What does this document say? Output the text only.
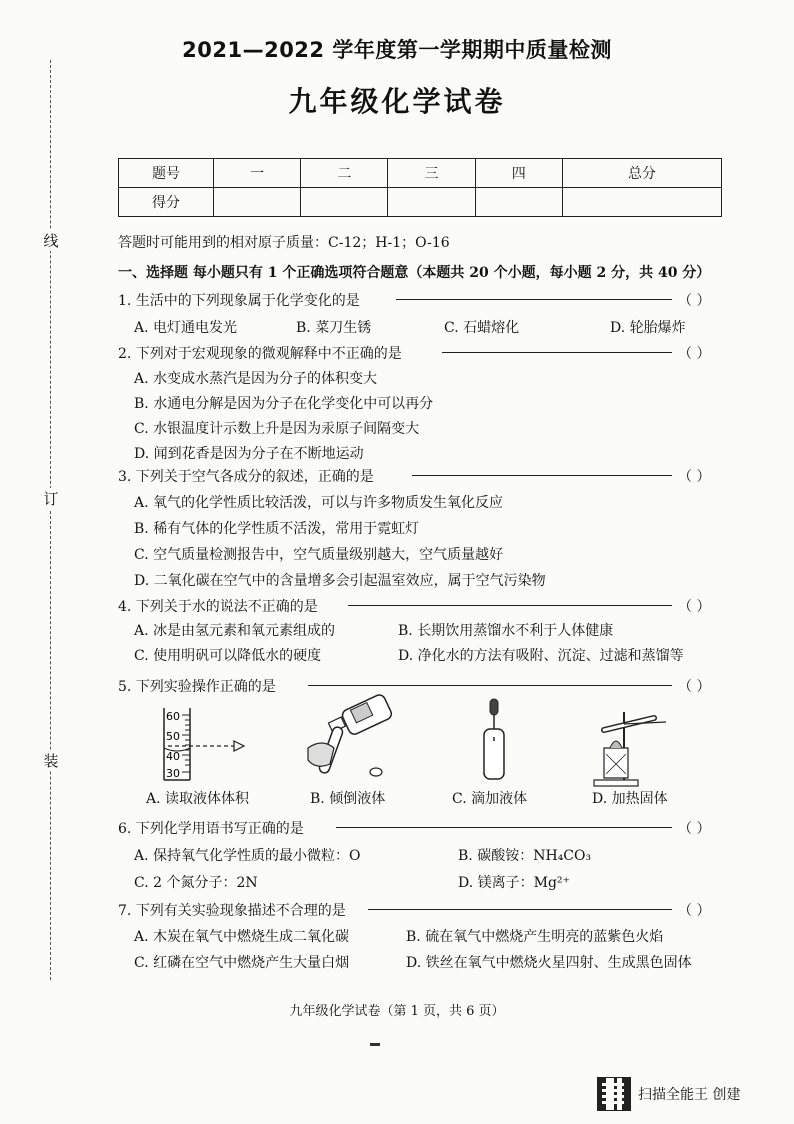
线
订
装
2021—2022 学年度第一学期期中质量检测
九年级化学试卷
题号	一	二	三	四	总分
得分					
答题时可能用到的相对原子质量：C-12；H-1；O-16
一、选择题 每小题只有 1 个正确选项符合题意（本题共 20 个小题，每小题 2 分，共 40 分）
1. 生活中的下列现象属于化学变化的是	（ ）
A. 电灯通电发光	B. 菜刀生锈	C. 石蜡熔化	D. 轮胎爆炸
2. 下列对于宏观现象的微观解释中不正确的是	（ ）
A. 水变成水蒸汽是因为分子的体积变大
B. 水通电分解是因为分子在化学变化中可以再分
C. 水银温度计示数上升是因为汞原子间隔变大
D. 闻到花香是因为分子在不断地运动
3. 下列关于空气各成分的叙述，正确的是	（ ）
A. 氧气的化学性质比较活泼，可以与许多物质发生氧化反应
B. 稀有气体的化学性质不活泼，常用于霓虹灯
C. 空气质量检测报告中，空气质量级别越大，空气质量越好
D. 二氧化碳在空气中的含量增多会引起温室效应，属于空气污染物
4. 下列关于水的说法不正确的是	（ ）
A. 冰是由氢元素和氧元素组成的	B. 长期饮用蒸馏水不利于人体健康
C. 使用明矾可以降低水的硬度	D. 净化水的方法有吸附、沉淀、过滤和蒸馏等
5. 下列实验操作正确的是	（ ）
60
50
40
30
A. 读取液体体积	B. 倾倒液体	C. 滴加液体	D. 加热固体
6. 下列化学用语书写正确的是	（ ）
A. 保持氧气化学性质的最小微粒：O	B. 碳酸铵：NH₄CO₃
C. 2 个氮分子：2N	D. 镁离子：Mg²⁺
7. 下列有关实验现象描述不合理的是	（ ）
A. 木炭在氧气中燃烧生成二氧化碳	B. 硫在氧气中燃烧产生明亮的蓝紫色火焰
C. 红磷在空气中燃烧产生大量白烟	D. 铁丝在氧气中燃烧火星四射、生成黑色固体
九年级化学试卷（第 1 页，共 6 页）
扫描全能王 创建
